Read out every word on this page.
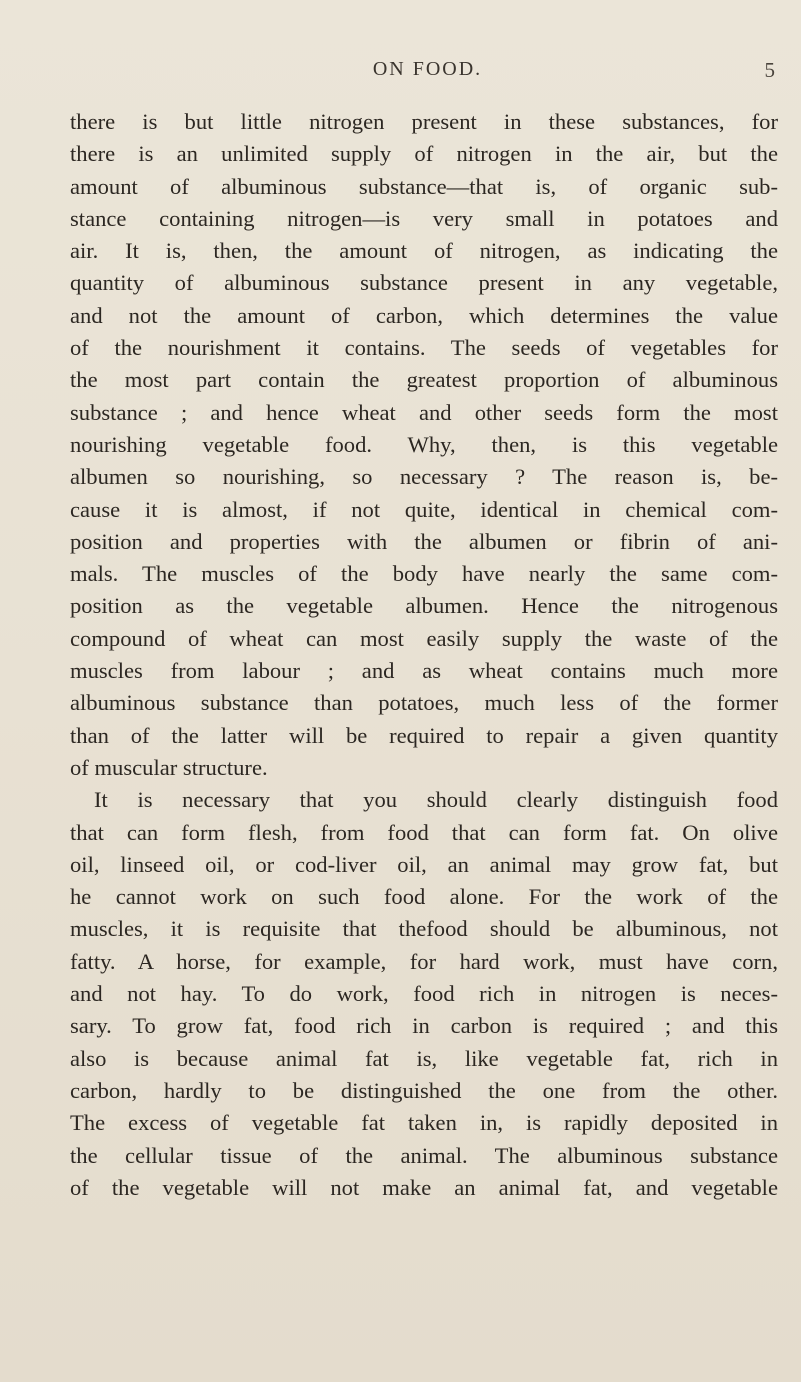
ON FOOD.	5
there is but little nitrogen present in these substances, for
there is an unlimited supply of nitrogen in the air, but the
amount of albuminous substance—that is, of organic sub-
stance containing nitrogen—is very small in potatoes and
air. It is, then, the amount of nitrogen, as indicating the
quantity of albuminous substance present in any vegetable,
and not the amount of carbon, which determines the value
of the nourishment it contains. The seeds of vegetables for
the most part contain the greatest proportion of albuminous
substance ; and hence wheat and other seeds form the most
nourishing vegetable food. Why, then, is this vegetable
albumen so nourishing, so necessary ? The reason is, be-
cause it is almost, if not quite, identical in chemical com-
position and properties with the albumen or fibrin of ani-
mals. The muscles of the body have nearly the same com-
position as the vegetable albumen. Hence the nitrogenous
compound of wheat can most easily supply the waste of the
muscles from labour ; and as wheat contains much more
albuminous substance than potatoes, much less of the former
than of the latter will be required to repair a given quantity
of muscular structure.
It is necessary that you should clearly distinguish food
that can form flesh, from food that can form fat. On olive
oil, linseed oil, or cod-liver oil, an animal may grow fat, but
he cannot work on such food alone. For the work of the
muscles, it is requisite that thefood should be albuminous, not
fatty. A horse, for example, for hard work, must have corn,
and not hay. To do work, food rich in nitrogen is neces-
sary. To grow fat, food rich in carbon is required ; and this
also is because animal fat is, like vegetable fat, rich in
carbon, hardly to be distinguished the one from the other.
The excess of vegetable fat taken in, is rapidly deposited in
the cellular tissue of the animal. The albuminous substance
of the vegetable will not make an animal fat, and vegetable
